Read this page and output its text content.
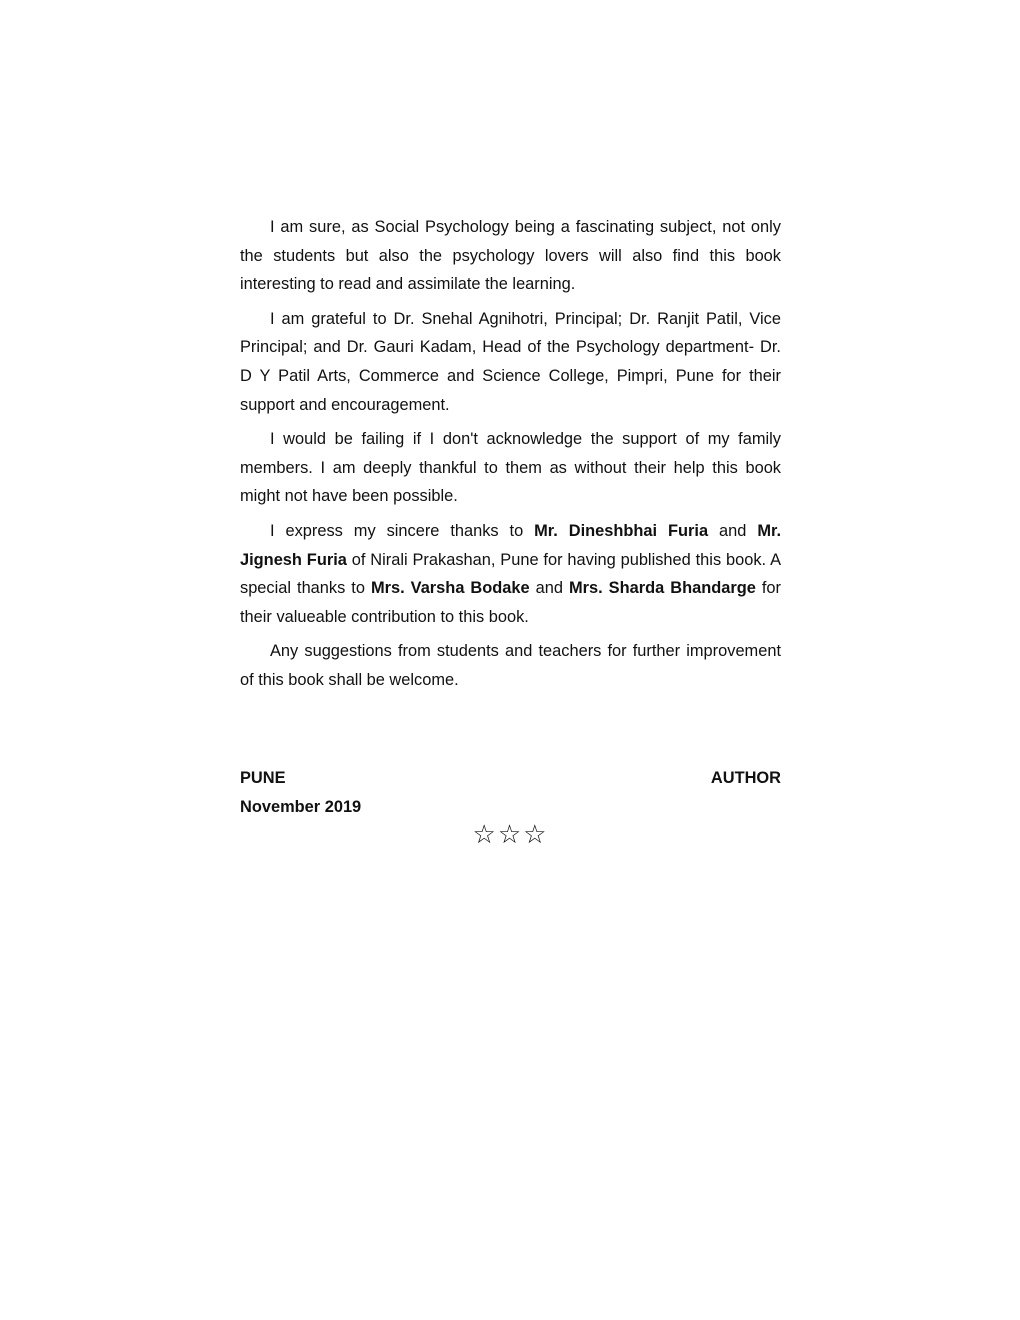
I am sure, as Social Psychology being a fascinating subject, not only the students but also the psychology lovers will also find this book interesting to read and assimilate the learning.

I am grateful to Dr. Snehal Agnihotri, Principal; Dr. Ranjit Patil, Vice Principal; and Dr. Gauri Kadam, Head of the Psychology department- Dr. D Y Patil Arts, Commerce and Science College, Pimpri, Pune for their support and encouragement.

I would be failing if I don't acknowledge the support of my family members. I am deeply thankful to them as without their help this book might not have been possible.

I express my sincere thanks to Mr. Dineshbhai Furia and Mr. Jignesh Furia of Nirali Prakashan, Pune for having published this book. A special thanks to Mrs. Varsha Bodake and Mrs. Sharda Bhandarge for their valueable contribution to this book.

Any suggestions from students and teachers for further improvement of this book shall be welcome.

PUNE	AUTHOR
November 2019
☆☆☆
